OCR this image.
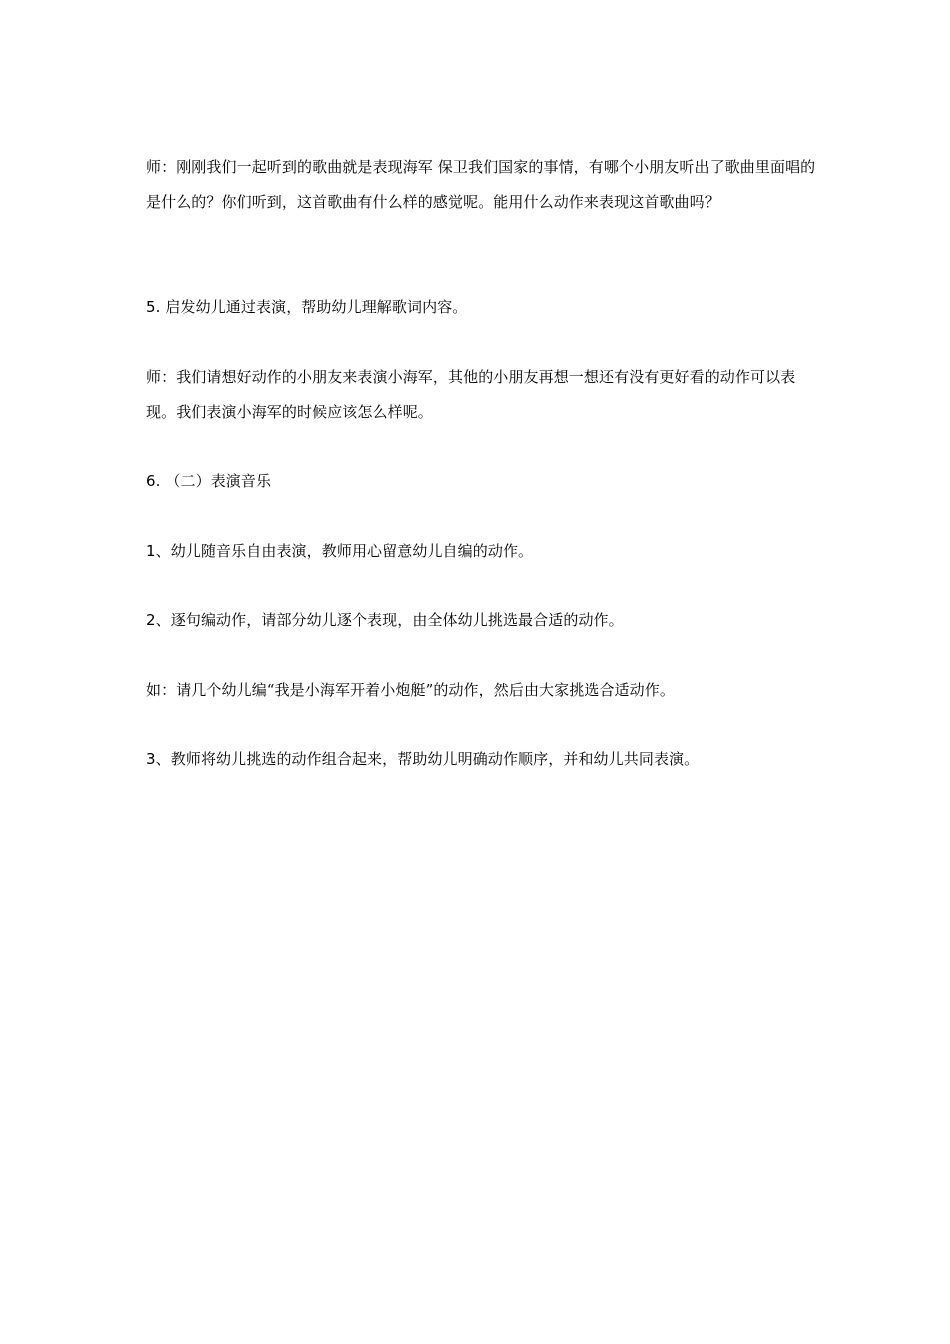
师：刚刚我们一起听到的歌曲就是表现海军 保卫我们国家的事情，有哪个小朋友听出了歌曲里面唱的是什么的？你们听到，这首歌曲有什么样的感觉呢。能用什么动作来表现这首歌曲吗？

5. 启发幼儿通过表演，帮助幼儿理解歌词内容。

师：我们请想好动作的小朋友来表演小海军，其他的小朋友再想一想还有没有更好看的动作可以表现。我们表演小海军的时候应该怎么样呢。

6. （二）表演音乐

1、幼儿随音乐自由表演，教师用心留意幼儿自编的动作。

2、逐句编动作，请部分幼儿逐个表现，由全体幼儿挑选最合适的动作。

如：请几个幼儿编“我是小海军开着小炮艇”的动作，然后由大家挑选合适动作。

3、教师将幼儿挑选的动作组合起来，帮助幼儿明确动作顺序，并和幼儿共同表演。
